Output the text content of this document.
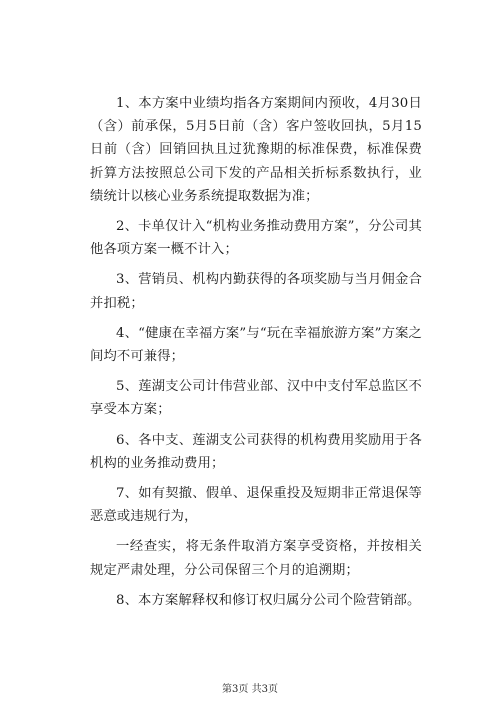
1、本方案中业绩均指各方案期间内预收，4月30日（含）前承保，5月5日前（含）客户签收回执，5月15日前（含）回销回执且过犹豫期的标准保费，标准保费折算方法按照总公司下发的产品相关折标系数执行，业绩统计以核心业务系统提取数据为准；

2、卡单仅计入“机构业务推动费用方案”，分公司其他各项方案一概不计入；

3、营销员、机构内勤获得的各项奖励与当月佣金合并扣税；

4、“健康在幸福方案”与“玩在幸福旅游方案”方案之间均不可兼得；

5、莲湖支公司计伟营业部、汉中中支付军总监区不享受本方案；

6、各中支、莲湖支公司获得的机构费用奖励用于各机构的业务推动费用；

7、如有契撤、假单、退保重投及短期非正常退保等恶意或违规行为，

一经查实，将无条件取消方案享受资格，并按相关规定严肃处理，分公司保留三个月的追溯期；

8、本方案解释权和修订权归属分公司个险营销部。

第3页 共3页
